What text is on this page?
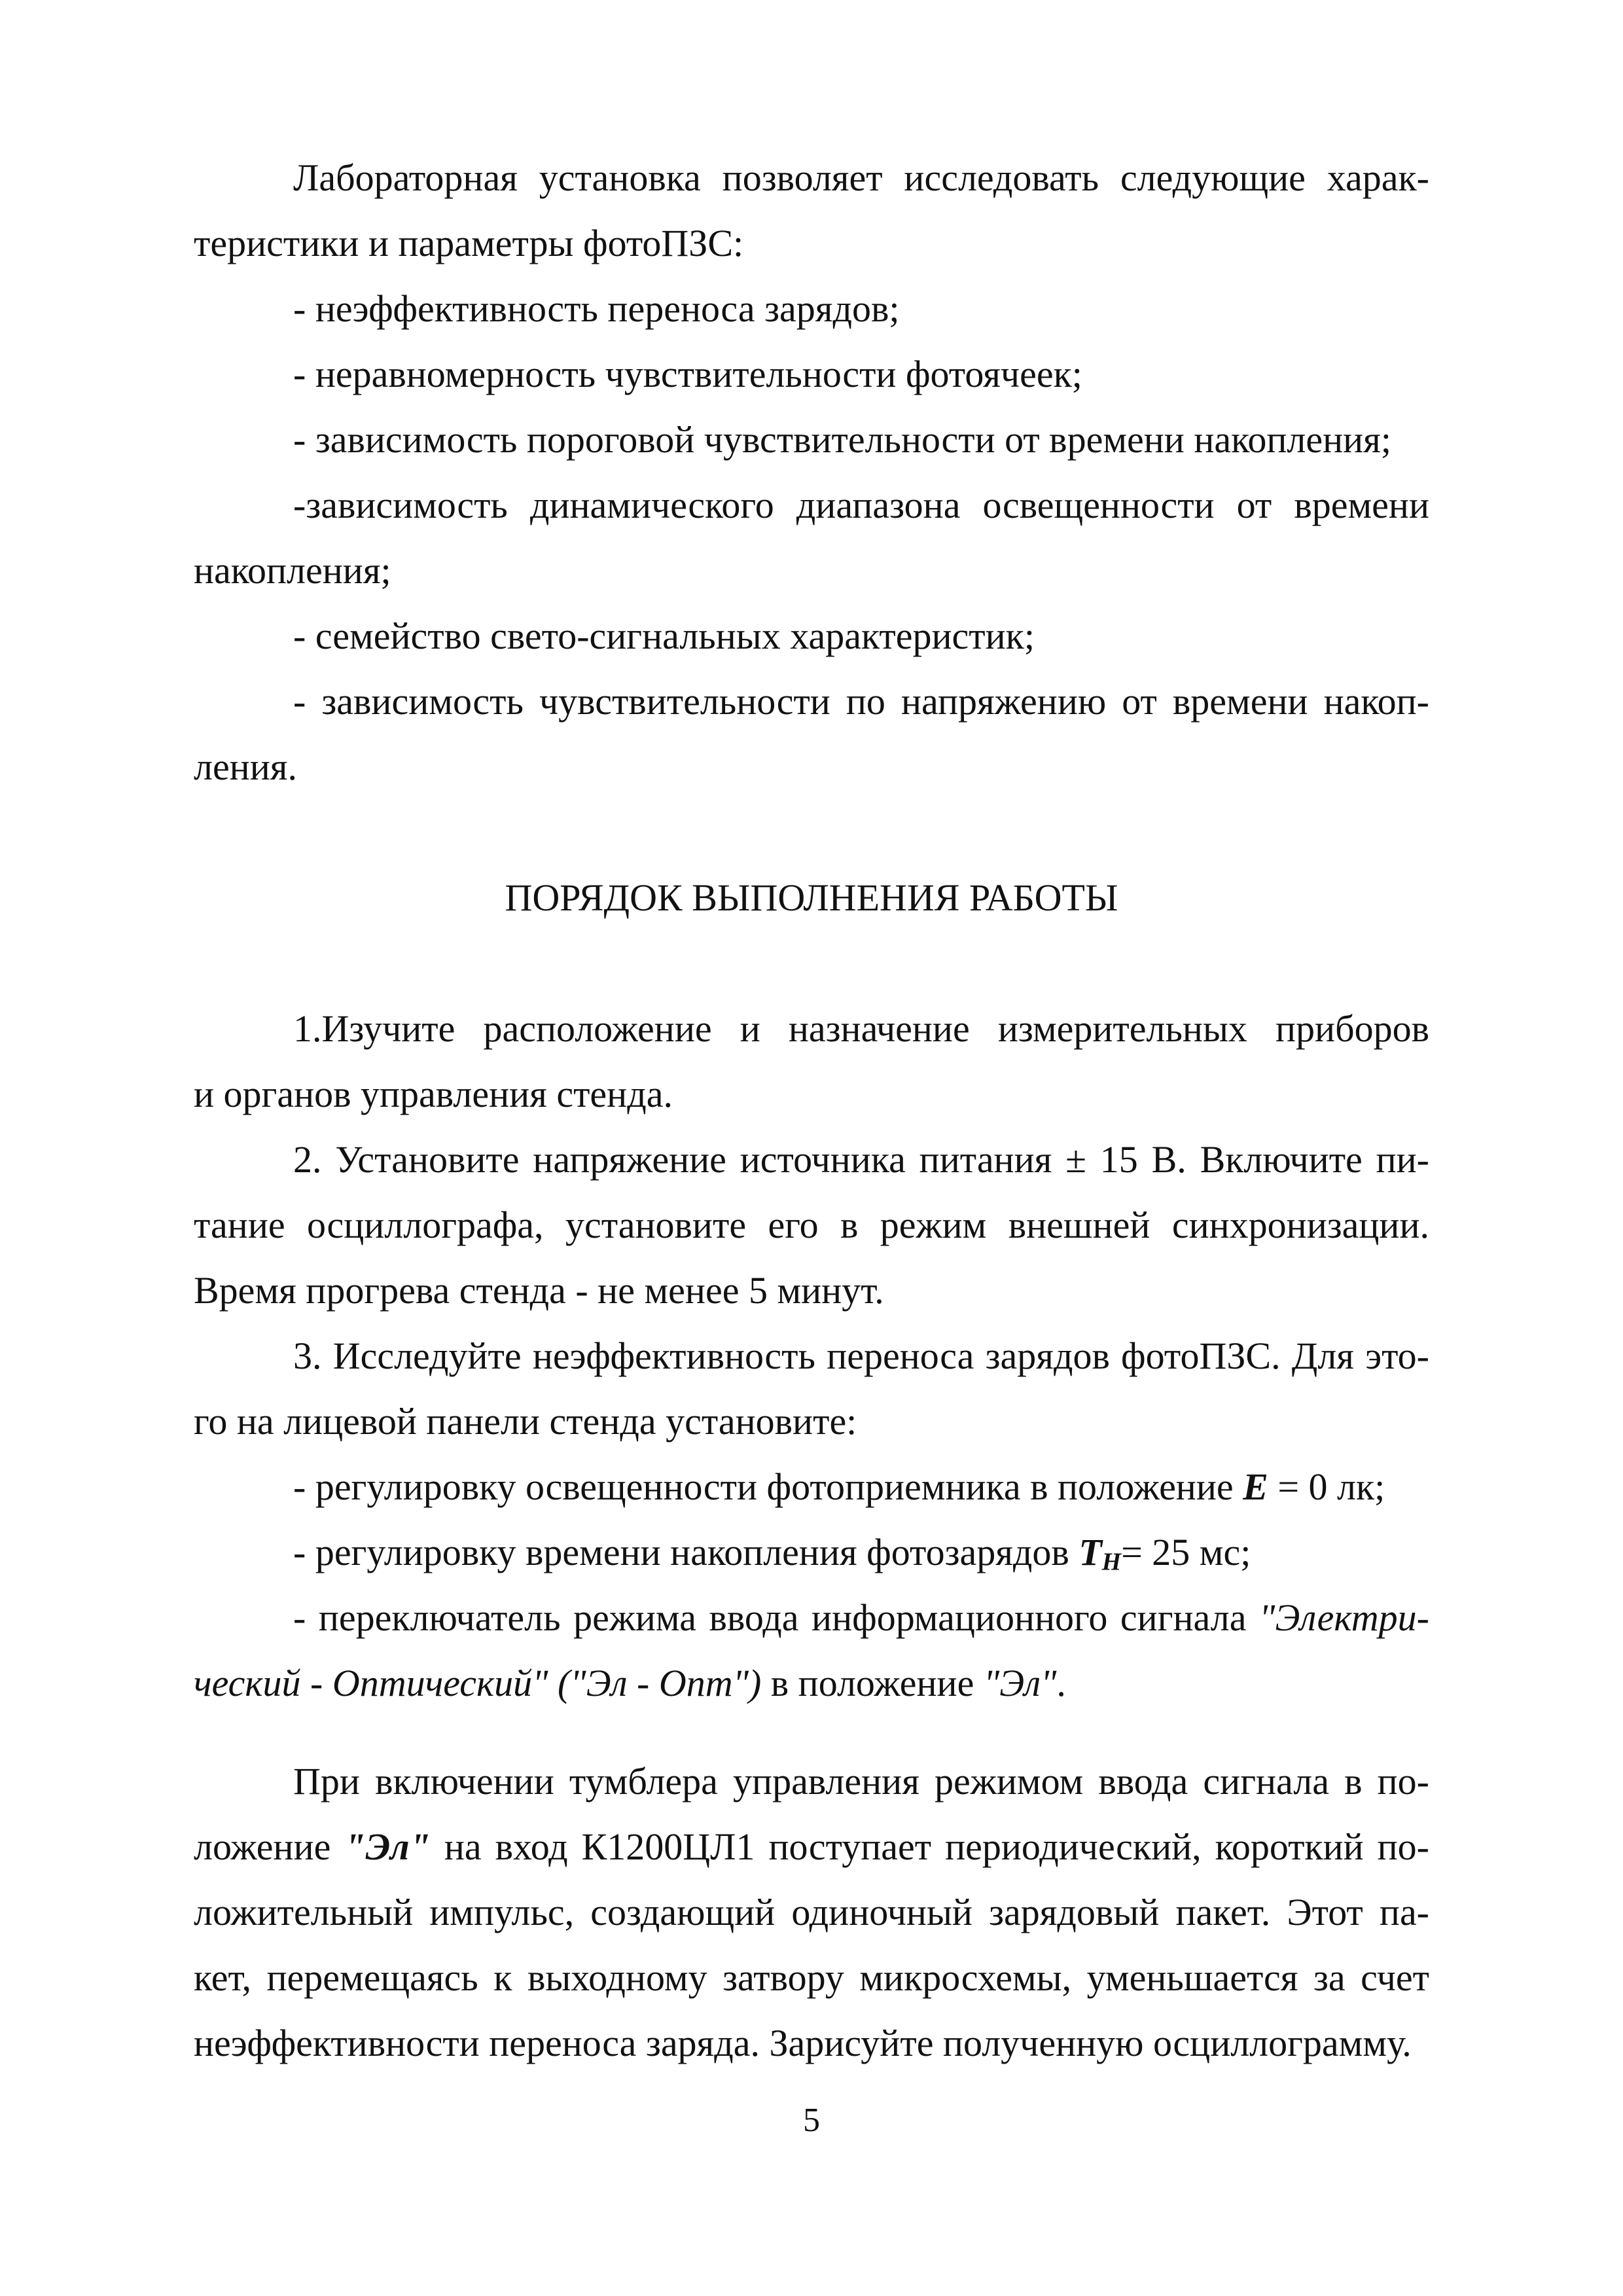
Лабораторная установка позволяет исследовать следующие харак-
теристики и параметры фотоПЗС:
- неэффективность переноса зарядов;
- неравномерность чувствительности фотоячеек;
- зависимость пороговой чувствительности от времени накопления;
-зависимость динамического диапазона освещенности от времени
накопления;
- семейство свето-сигнальных характеристик;
- зависимость чувствительности по напряжению от времени накоп-
ления.
ПОРЯДОК ВЫПОЛНЕНИЯ РАБОТЫ
1.Изучите расположение и назначение измерительных приборов
и органов управления стенда.
2. Установите напряжение источника питания ± 15 В. Включите пи-
тание осциллографа, установите его в режим внешней синхронизации.
Время прогрева стенда - не менее 5 минут.
3. Исследуйте неэффективность переноса зарядов фотоПЗС. Для это-
го на лицевой панели стенда установите:
- регулировку освещенности фотоприемника в положение E = 0 лк;
- регулировку времени накопления фотозарядов $T_H= 25$ мс;
- переключатель режима ввода информационного сигнала "Электри-
ческий - Оптический" ("Эл - Опт") в положение "Эл".
При включении тумблера управления режимом ввода сигнала в по-
ложение "Эл" на вход К1200ЦЛ1 поступает периодический, короткий по-
ложительный импульс, создающий одиночный зарядовый пакет. Этот па-
кет, перемещаясь к выходному затвору микросхемы, уменьшается за счет
неэффективности переноса заряда. Зарисуйте полученную осциллограмму.
5
